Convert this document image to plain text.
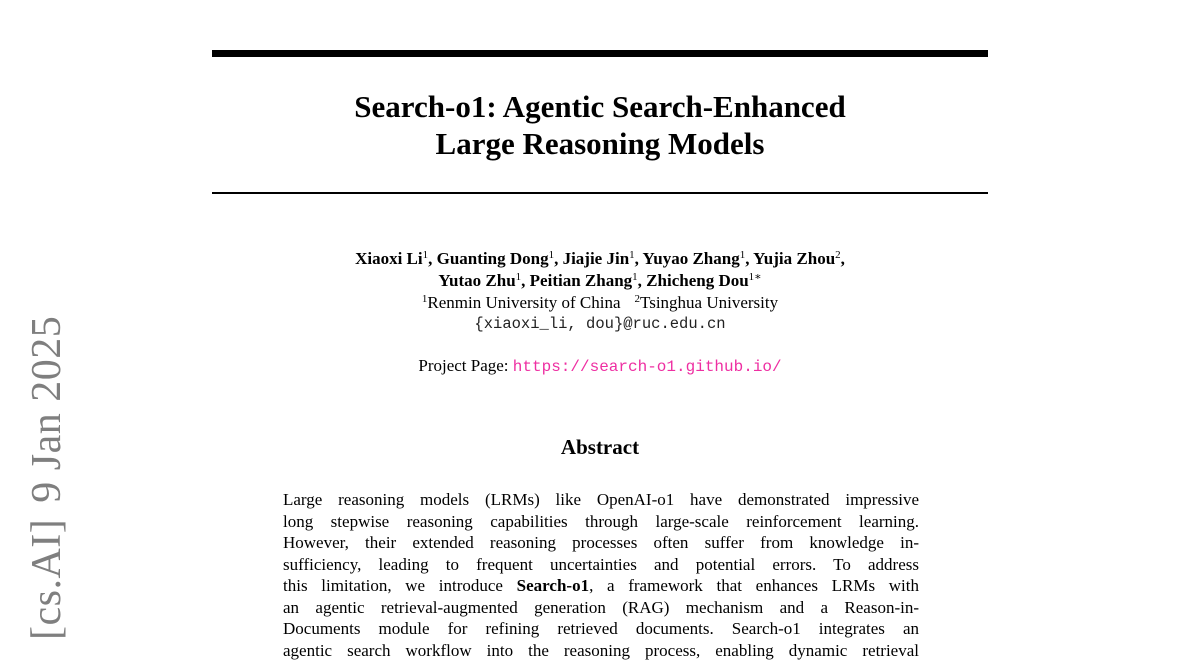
[cs.AI]9 Jan 2025
Search-o1: Agentic Search-Enhanced
Large Reasoning Models
Xiaoxi Li$^1$, Guanting Dong$^1$, Jiajie Jin$^1$, Yuyao Zhang$^1$, Yujia Zhou$^2$,
Yutao Zhu$^1$, Peitian Zhang$^1$, Zhicheng Dou$^{1∗}$
$^1$Renmin University of China $^2$Tsinghua University
{xiaoxi_li, dou}@ruc.edu.cn
Project Page: https://search-o1.github.io/
Abstract
Large reasoning models (LRMs) like OpenAI-o1 have demonstrated impressive
long stepwise reasoning capabilities through large-scale reinforcement learning.
However, their extended reasoning processes often suffer from knowledge in-
sufficiency, leading to frequent uncertainties and potential errors. To address
this limitation, we introduce Search-o1, a framework that enhances LRMs with
an agentic retrieval-augmented generation (RAG) mechanism and a Reason-in-
Documents module for refining retrieved documents. Search-o1 integrates an
agentic search workflow into the reasoning process, enabling dynamic retrieval
